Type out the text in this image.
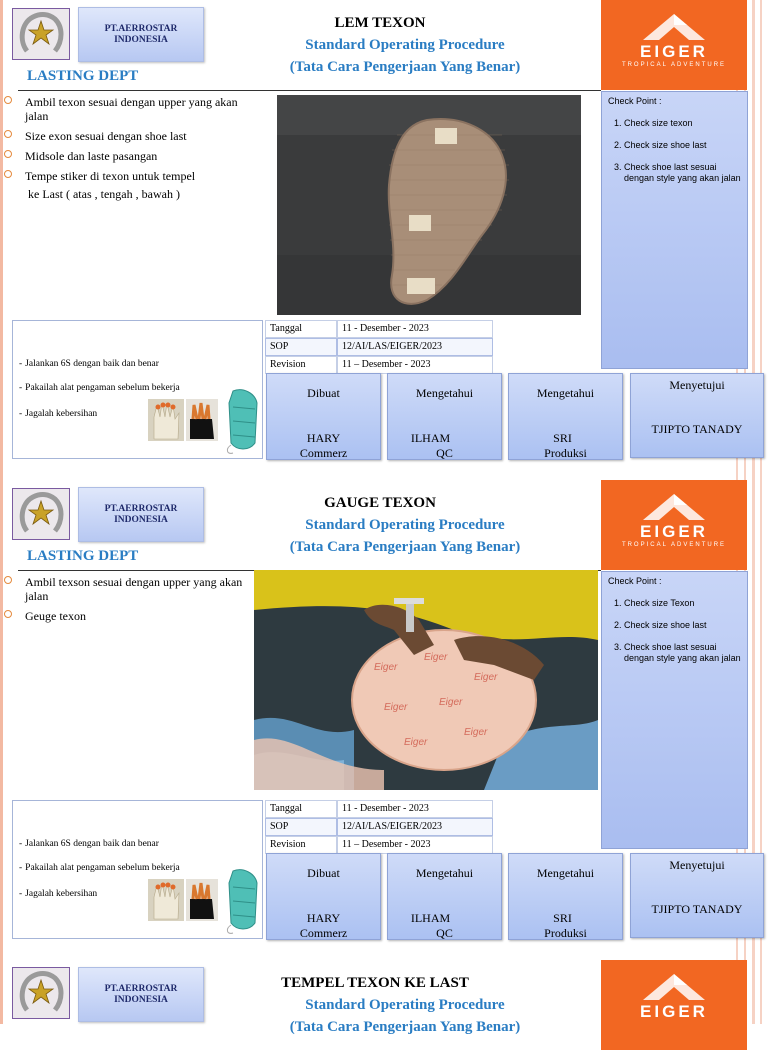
PT.AERROSTAR INDONESIA
LASTING DEPT
LEM TEXON
Standard Operating Procedure
(Tata Cara Pengerjaan Yang Benar)
EIGER
TROPICAL ADVENTURE
Ambil texon sesuai dengan upper yang akan jalan
Size exon sesuai dengan shoe last
Midsole dan laste pasangan
Tempe stiker di texon untuk tempel
ke Last ( atas , tengah , bawah )
Check Point :
1. Check size texon
2. Check size shoe last
3. Check shoe last sesuai dengan style yang akan jalan
- Jalankan 6S dengan baik dan benar
- Pakailah alat pengaman sebelum bekerja
- Jagalah kebersihan
Tanggal	11 - Desember - 2023
SOP	12/AI/LAS/EIGER/2023
Revision	11 – Desember - 2023
Dibuat
HARY
Commerz
Mengetahui
ILHAM
QC
Mengetahui
SRI
Produksi
Menyetujui
TJIPTO TANADY
PT.AERROSTAR INDONESIA
LASTING DEPT
GAUGE TEXON
Standard Operating Procedure
(Tata Cara Pengerjaan Yang Benar)
EIGER
TROPICAL ADVENTURE
Ambil texson sesuai dengan upper yang akan jalan
Geuge texon
Eiger
Eiger
Eiger
Eiger	Eiger
Eiger
Eiger
Check Point :
1. Check size Texon
2. Check size shoe last
3. Check shoe last sesuai dengan style yang akan jalan
- Jalankan 6S dengan baik dan benar
- Pakailah alat pengaman sebelum bekerja
- Jagalah kebersihan
Tanggal	11 - Desember - 2023
SOP	12/AI/LAS/EIGER/2023
Revision	11 – Desember - 2023
Dibuat
HARY
Commerz
Mengetahui
ILHAM
QC
Mengetahui
SRI
Produksi
Menyetujui
TJIPTO TANADY
PT.AERROSTAR INDONESIA
TEMPEL TEXON KE LAST
Standard Operating Procedure
(Tata Cara Pengerjaan Yang Benar)
EIGER
